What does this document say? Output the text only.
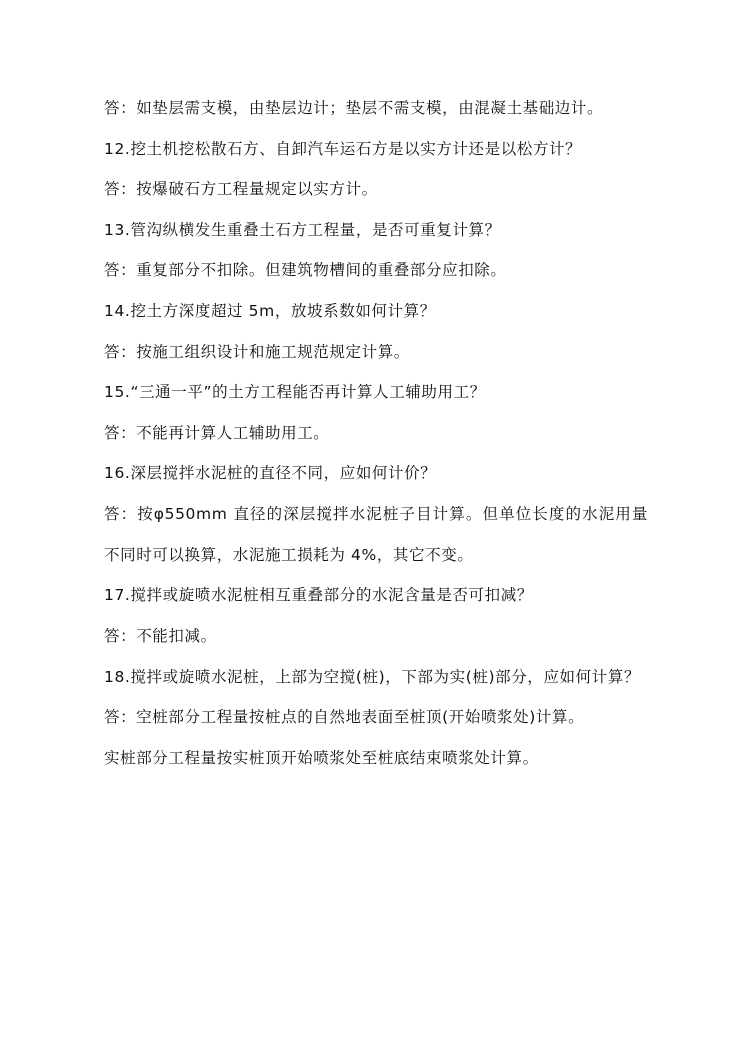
答：如垫层需支模，由垫层边计；垫层不需支模，由混凝土基础边计。

12.挖土机挖松散石方、自卸汽车运石方是以实方计还是以松方计？

答：按爆破石方工程量规定以实方计。

13.管沟纵横发生重叠土石方工程量，是否可重复计算？

答：重复部分不扣除。但建筑物槽间的重叠部分应扣除。

14.挖土方深度超过 5m，放坡系数如何计算？

答：按施工组织设计和施工规范规定计算。

15.“三通一平”的土方工程能否再计算人工辅助用工？

答：不能再计算人工辅助用工。

16.深层搅拌水泥桩的直径不同，应如何计价？

答：按φ550mm 直径的深层搅拌水泥桩子目计算。但单位长度的水泥用量不同时可以换算，水泥施工损耗为 4%，其它不变。

17.搅拌或旋喷水泥桩相互重叠部分的水泥含量是否可扣减？

答：不能扣减。

18.搅拌或旋喷水泥桩，上部为空搅(桩)，下部为实(桩)部分，应如何计算？

答：空桩部分工程量按桩点的自然地表面至桩顶(开始喷浆处)计算。

实桩部分工程量按实桩顶开始喷浆处至桩底结束喷浆处计算。
